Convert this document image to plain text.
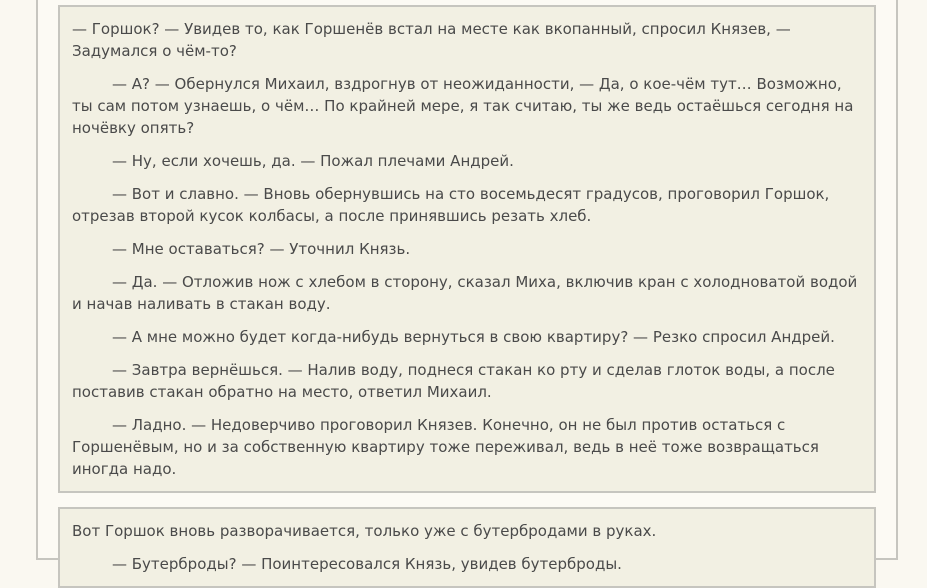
— Горшок? — Увидев то, как Горшенёв встал на месте как вкопанный, спросил Князев, — Задумался о чём-то?

— А? — Обернулся Михаил, вздрогнув от неожиданности, — Да, о кое-чём тут… Возможно, ты сам потом узнаешь, о чём… По крайней мере, я так считаю, ты же ведь остаёшься сегодня на ночёвку опять?

— Ну, если хочешь, да. — Пожал плечами Андрей.

— Вот и славно. — Вновь обернувшись на сто восемьдесят градусов, проговорил Горшок, отрезав второй кусок колбасы, а после принявшись резать хлеб.

— Мне оставаться? — Уточнил Князь.

— Да. — Отложив нож с хлебом в сторону, сказал Миха, включив кран с холодноватой водой и начав наливать в стакан воду.

— А мне можно будет когда-нибудь вернуться в свою квартиру? — Резко спросил Андрей.

— Завтра вернёшься. — Налив воду, поднеся стакан ко рту и сделав глоток воды, а после поставив стакан обратно на место, ответил Михаил.

— Ладно. — Недоверчиво проговорил Князев. Конечно, он не был против остаться с Горшенёвым, но и за собственную квартиру тоже переживал, ведь в неё тоже возвращаться иногда надо.

Вот Горшок вновь разворачивается, только уже с бутербродами в руках.

— Бутерброды? — Поинтересовался Князь, увидев бутерброды.
